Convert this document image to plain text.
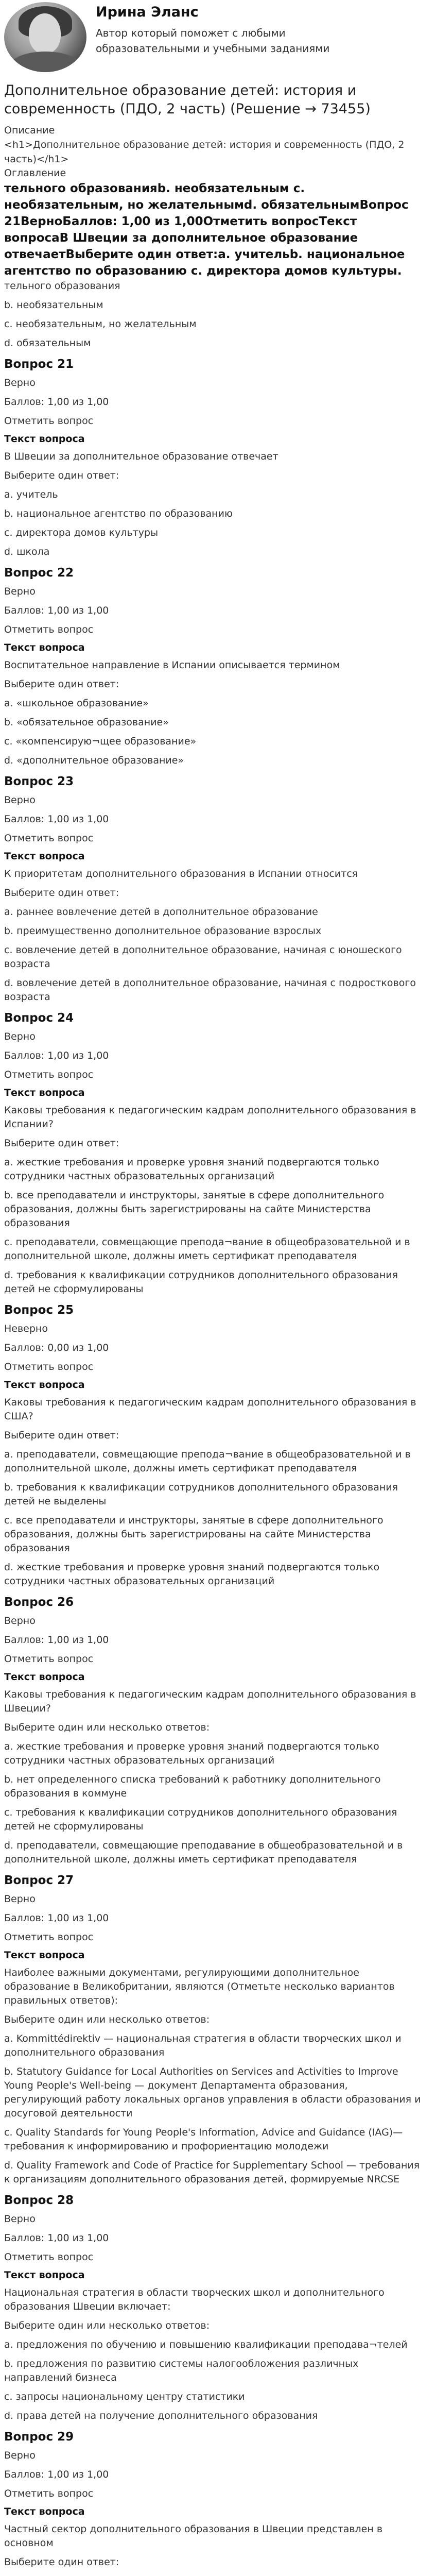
Ирина Эланс
Автор который поможет с любыми образовательными и учебными заданиями
Дополнительное образование детей: история и современность (ПДО, 2 часть) (Решение → 73455)
Описание
<h1>Дополнительное образование детей: история и современность (ПДО, 2 часть)</h1>
Оглавление
тельного образованияb. необязательным c. необязательным, но желательнымd. обязательнымВопрос 21ВерноБаллов: 1,00 из 1,00Отметить вопросТекст вопросаВ Швеции за дополнительное образование отвечаетВыберите один ответ:a. учительb. национальное агентство по образованию c. директора домов культуры.
тельного образования
b. необязательным
c. необязательным, но желательным
d. обязательным
Вопрос 21
Верно
Баллов: 1,00 из 1,00
Отметить вопрос
Текст вопроса
В Швеции за дополнительное образование отвечает
Выберите один ответ:
a. учитель
b. национальное агентство по образованию
c. директора домов культуры
d. школа
Вопрос 22
Верно
Баллов: 1,00 из 1,00
Отметить вопрос
Текст вопроса
Воспитательное направление в Испании описывается термином
Выберите один ответ:
a. «школьное образование»
b. «обязательное образование»
c. «компенсирую¬щее образование»
d. «дополнительное образование»
Вопрос 23
Верно
Баллов: 1,00 из 1,00
Отметить вопрос
Текст вопроса
К приоритетам дополнительного образования в Испании относится
Выберите один ответ:
a. раннее вовлечение детей в дополнительное образование
b. преимущественно дополнительное образование взрослых
c. вовлечение детей в дополнительное образование, начиная с юношеского возраста
d. вовлечение детей в дополнительное образование, начиная с подросткового возраста
Вопрос 24
Верно
Баллов: 1,00 из 1,00
Отметить вопрос
Текст вопроса
Каковы требования к педагогическим кадрам дополнительного образования в Испании?
Выберите один ответ:
a. жесткие требования и проверке уровня знаний подвергаются только сотрудники частных образовательных организаций
b. все преподаватели и инструкторы, занятые в сфере дополнительного образования, должны быть зарегистрированы на сайте Министерства образования
c. преподаватели, совмещающие препода¬вание в общеобразовательной и в дополнительной школе, должны иметь сертификат преподавателя
d. требования к квалификации сотрудников дополнительного образования детей не сформулированы
Вопрос 25
Неверно
Баллов: 0,00 из 1,00
Отметить вопрос
Текст вопроса
Каковы требования к педагогическим кадрам дополнительного образования в США?
Выберите один ответ:
a. преподаватели, совмещающие препода¬вание в общеобразовательной и в дополнительной школе, должны иметь сертификат преподавателя
b. требования к квалификации сотрудников дополнительного образования детей не выделены
c. все преподаватели и инструкторы, занятые в сфере дополнительного образования, должны быть зарегистрированы на сайте Министерства образования
d. жесткие требования и проверке уровня знаний подвергаются только сотрудники частных образовательных организаций
Вопрос 26
Верно
Баллов: 1,00 из 1,00
Отметить вопрос
Текст вопроса
Каковы требования к педагогическим кадрам дополнительного образования в Швеции?
Выберите один или несколько ответов:
a. жесткие требования и проверке уровня знаний подвергаются только сотрудники частных образовательных организаций
b. нет определенного списка требований к работнику дополнительного образования в коммуне
c. требования к квалификации сотрудников дополнительного образования детей не сформулированы
d. преподаватели, совмещающие преподавание в общеобразовательной и в дополнительной школе, должны иметь сертификат преподавателя
Вопрос 27
Верно
Баллов: 1,00 из 1,00
Отметить вопрос
Текст вопроса
Наиболее важными документами, регулирующими дополнительное образование в Великобритании, являются (Отметьте несколько вариантов правильных ответов):
Выберите один или несколько ответов:
a. Kommittédirektiv — национальная стратегия в области творческих школ и дополнительного образования
b. Statutory Guidance for Local Authorities on Services and Activities to Improve Young People's Well-being — документ Департамента образования, регулирующий работу локальных органов управления в области образования и досуговой деятельности
c. Quality Standards for Young People's Information, Advice and Guidance (IAG)— требования к информированию и профориентацию молодежи
d. Quality Framework and Code of Practice for Supplementary School — требования к организациям дополнительного образования детей, формируемые NRCSE
Вопрос 28
Верно
Баллов: 1,00 из 1,00
Отметить вопрос
Текст вопроса
Национальная стратегия в области творческих школ и дополнительного образования Швеции включает:
Выберите один или несколько ответов:
a. предложения по обучению и повышению квалификации преподава¬телей
b. предложения по развитию системы налогообложения различных направлений бизнеса
c. запросы национальному центру статистики
d. права детей на получение дополнительного образования
Вопрос 29
Верно
Баллов: 1,00 из 1,00
Отметить вопрос
Текст вопроса
Частный сектор дополнительного образования в Швеции представлен в основном
Выберите один ответ:
